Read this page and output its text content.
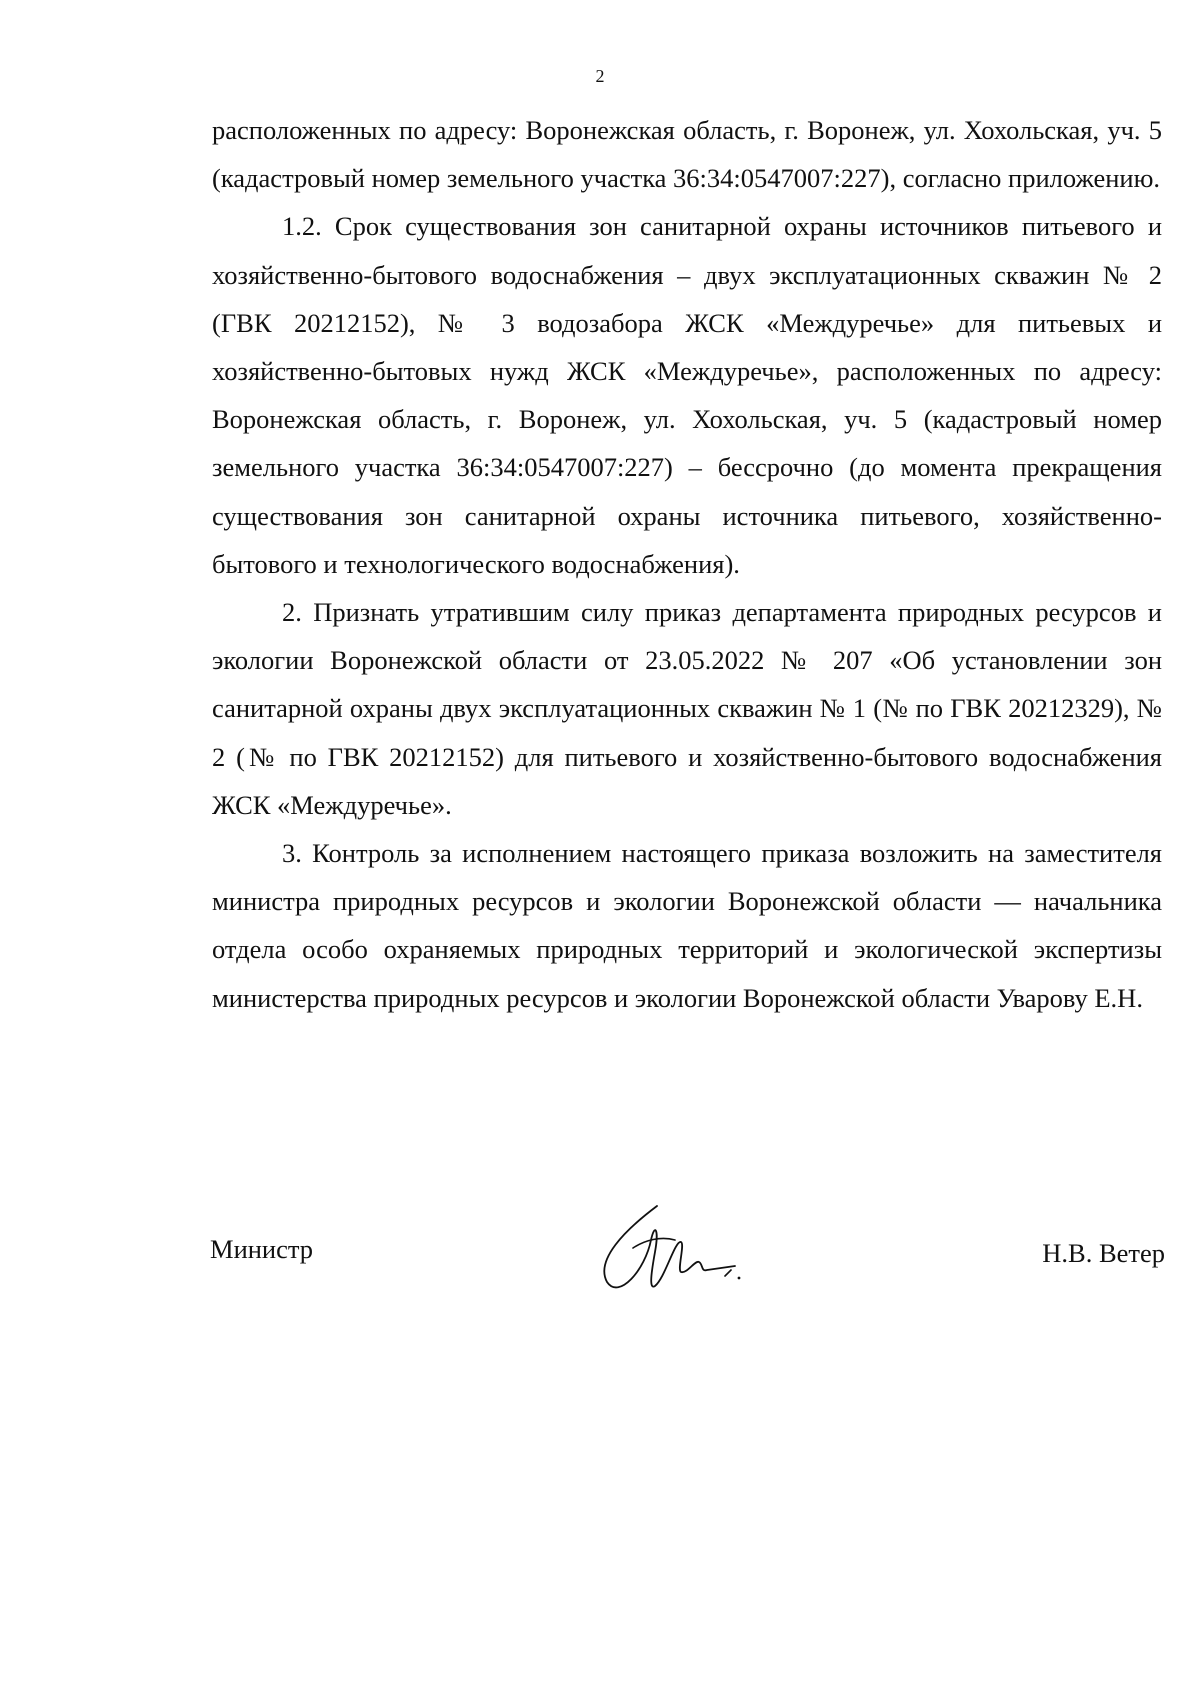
2

расположенных по адресу: Воронежская область, г. Воронеж, ул. Хохольская, уч. 5 (кадастровый номер земельного участка 36:34:0547007:227), согласно приложению.

1.2. Срок существования зон санитарной охраны источников питьевого и хозяйственно-бытового водоснабжения – двух эксплуатационных скважин № 2 (ГВК 20212152), № 3 водозабора ЖСК «Междуречье» для питьевых и хозяйственно-бытовых нужд ЖСК «Междуречье», расположенных по адресу: Воронежская область, г. Воронеж, ул. Хохольская, уч. 5 (кадастровый номер земельного участка 36:34:0547007:227) – бессрочно (до момента прекращения существования зон санитарной охраны источника питьевого, хозяйственно-бытового и технологического водоснабжения).

2. Признать утратившим силу приказ департамента природных ресурсов и экологии Воронежской области от 23.05.2022 № 207 «Об установлении зон санитарной охраны двух эксплуатационных скважин № 1 (№ по ГВК 20212329), № 2 (№ по ГВК 20212152) для питьевого и хозяйственно-бытового водоснабжения ЖСК «Междуречье».

3. Контроль за исполнением настоящего приказа возложить на заместителя министра природных ресурсов и экологии Воронежской области — начальника отдела особо охраняемых природных территорий и экологической экспертизы министерства природных ресурсов и экологии Воронежской области Уварову Е.Н.

Министр	Н.В. Ветер
